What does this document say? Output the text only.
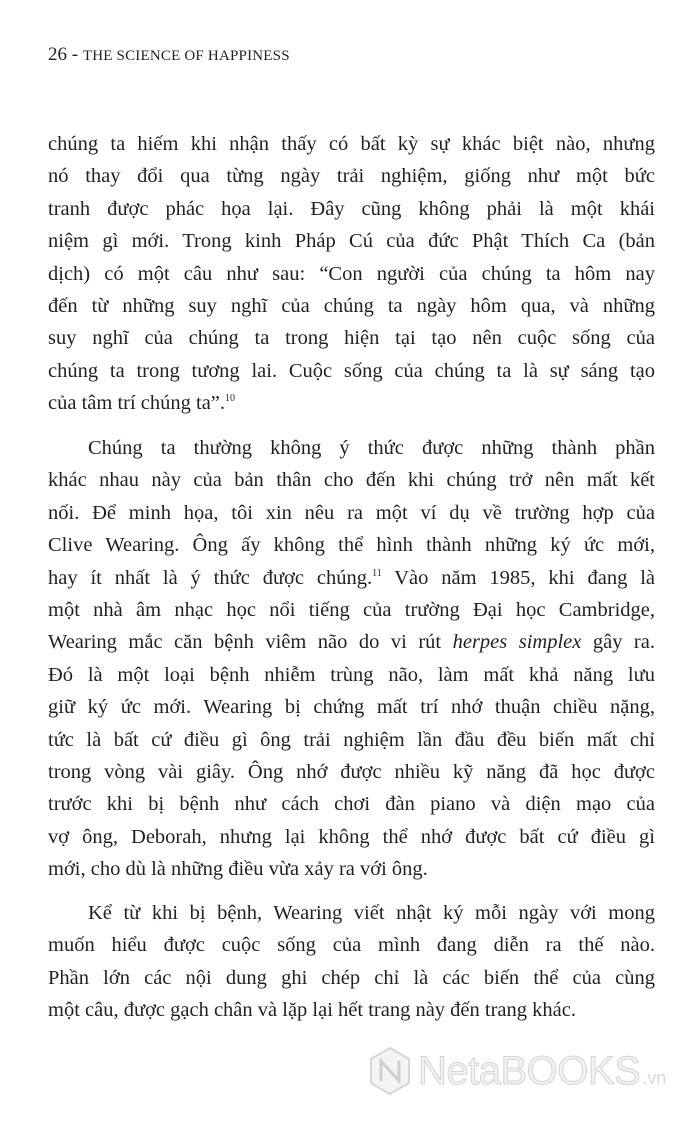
26 - THE SCIENCE OF HAPPINESS
chúng ta hiếm khi nhận thấy có bất kỳ sự khác biệt nào, nhưng
nó thay đổi qua từng ngày trải nghiệm, giống như một bức
tranh được phác họa lại. Đây cũng không phải là một khái
niệm gì mới. Trong kinh Pháp Cú của đức Phật Thích Ca (bản
dịch) có một câu như sau: “Con người của chúng ta hôm nay
đến từ những suy nghĩ của chúng ta ngày hôm qua, và những
suy nghĩ của chúng ta trong hiện tại tạo nên cuộc sống của
chúng ta trong tương lai. Cuộc sống của chúng ta là sự sáng tạo
của tâm trí chúng ta”.$^{10}$
Chúng ta thường không ý thức được những thành phần
khác nhau này của bản thân cho đến khi chúng trở nên mất kết
nối. Để minh họa, tôi xin nêu ra một ví dụ về trường hợp của
Clive Wearing. Ông ấy không thể hình thành những ký ức mới,
hay ít nhất là ý thức được chúng.$^{11}$ Vào năm 1985, khi đang là
một nhà âm nhạc học nổi tiếng của trường Đại học Cambridge,
Wearing mắc căn bệnh viêm não do vi rút herpes simplex gây ra.
Đó là một loại bệnh nhiễm trùng não, làm mất khả năng lưu
giữ ký ức mới. Wearing bị chứng mất trí nhớ thuận chiều nặng,
tức là bất cứ điều gì ông trải nghiệm lần đầu đều biến mất chỉ
trong vòng vài giây. Ông nhớ được nhiều kỹ năng đã học được
trước khi bị bệnh như cách chơi đàn piano và diện mạo của
vợ ông, Deborah, nhưng lại không thể nhớ được bất cứ điều gì
mới, cho dù là những điều vừa xảy ra với ông.
Kể từ khi bị bệnh, Wearing viết nhật ký mỗi ngày với mong
muốn hiểu được cuộc sống của mình đang diễn ra thế nào.
Phần lớn các nội dung ghi chép chỉ là các biến thể của cùng
một câu, được gạch chân và lặp lại hết trang này đến trang khác.
NetaBOOKS .vn
